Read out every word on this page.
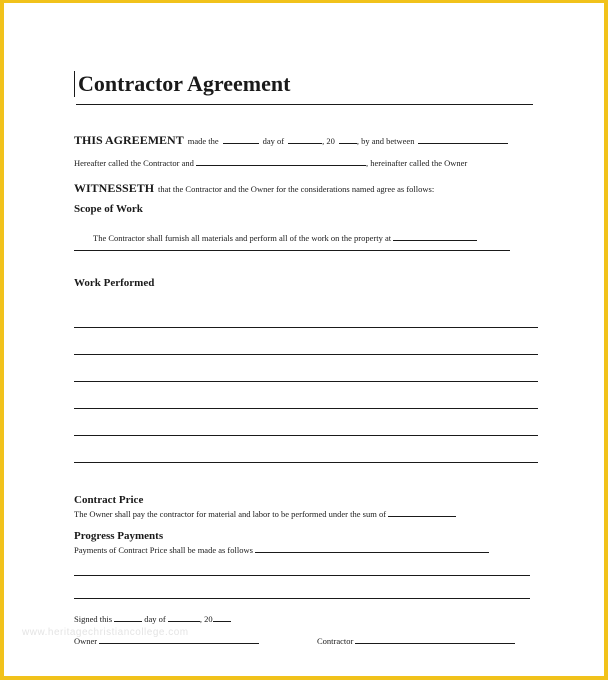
Contractor Agreement
THIS AGREEMENT made the	day of	, 20	, by and between
Hereafter called the Contractor and	, hereinafter called the Owner
WITNESSETH that the Contractor and the Owner for the considerations named agree as follows:
Scope of Work
The Contractor shall furnish all materials and perform all of the work on the property at
Work Performed
Contract Price
The Owner shall pay the contractor for material and labor to be performed under the sum of
Progress Payments
Payments of Contract Price shall be made as follows
Signed this	day of	, 20
Owner	Contractor
www.heritagechristiancollege.com
